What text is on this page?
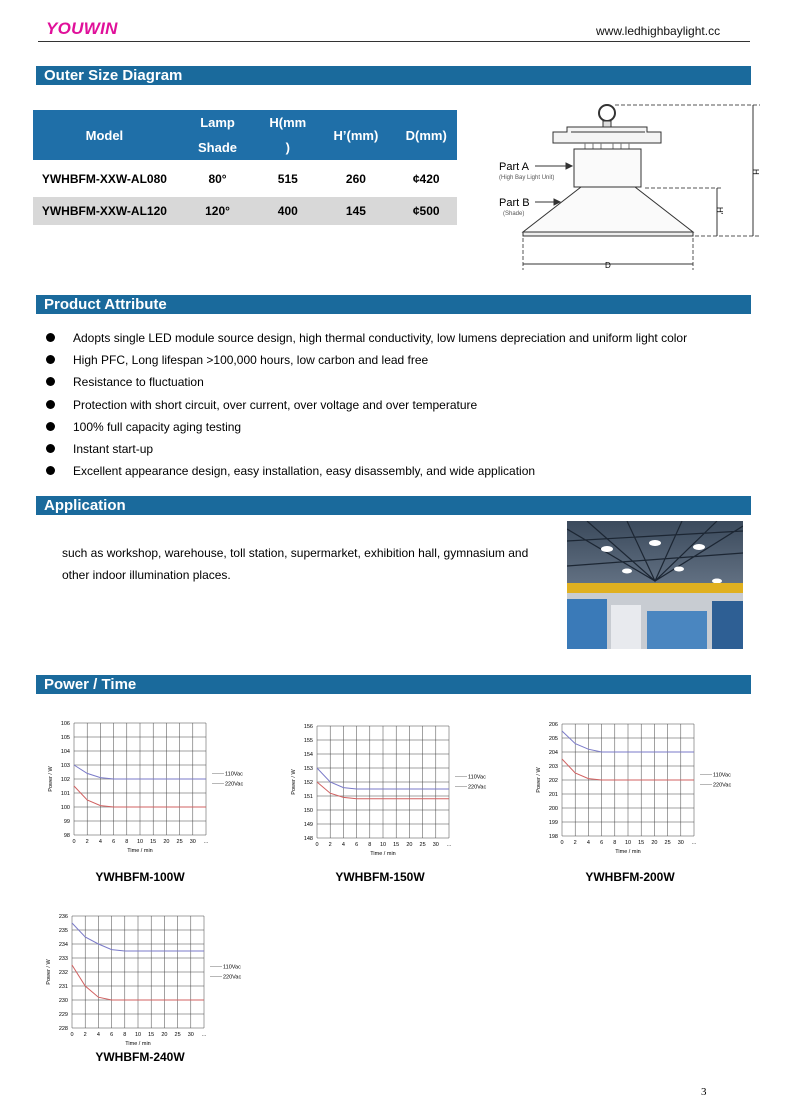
YOUWIN	www.ledhighbaylight.cc
Outer Size Diagram
Model	Lamp	H(mm	H’(mm)	D(mm)
	Shade	)		
YWHBFM-XXW-AL080	80°	515	260	¢420
YWHBFM-XXW-AL120	120°	400	145	¢500
Part A
(High Bay Light Unit)
Part B
(Shade)
H
H'
D
Product Attribute
Adopts single LED module source design, high thermal conductivity, low lumens depreciation and uniform light color
High PFC, Long lifespan >100,000 hours, low carbon and lead free
Resistance to fluctuation
Protection with short circuit, over current, over voltage and over temperature
100% full capacity aging testing
Instant start-up
Excellent appearance design, easy installation, easy disassembly, and wide application
Application
such as workshop, warehouse, toll station, supermarket, exhibition hall, gymnasium and other indoor illumination places.
Power / Time
98
99
100
101
102
103
104
105
106
0 2 4 6 8 10 15 20 25 30 ...
Time / min
Power / W	110Vac
220Vac
YWHBFM-100W
148
149
150
151
152
153
154
155
156
0 2 4 6 8 10 15 20 25 30 ...
Time / min
Power / W	110Vac
220Vac
YWHBFM-150W
198
199
200
201
202
203
204
205
206
0 2 4 6 8 10 15 20 25 30 ...
Time / min
Power / W	110Vac
220Vac
YWHBFM-200W
228
229
230
231
232
233
234
235
236
0 2 4 6 8 10 15 20 25 30 ...
Time / min
Power / W	110Vac
220Vac
YWHBFM-240W
3
